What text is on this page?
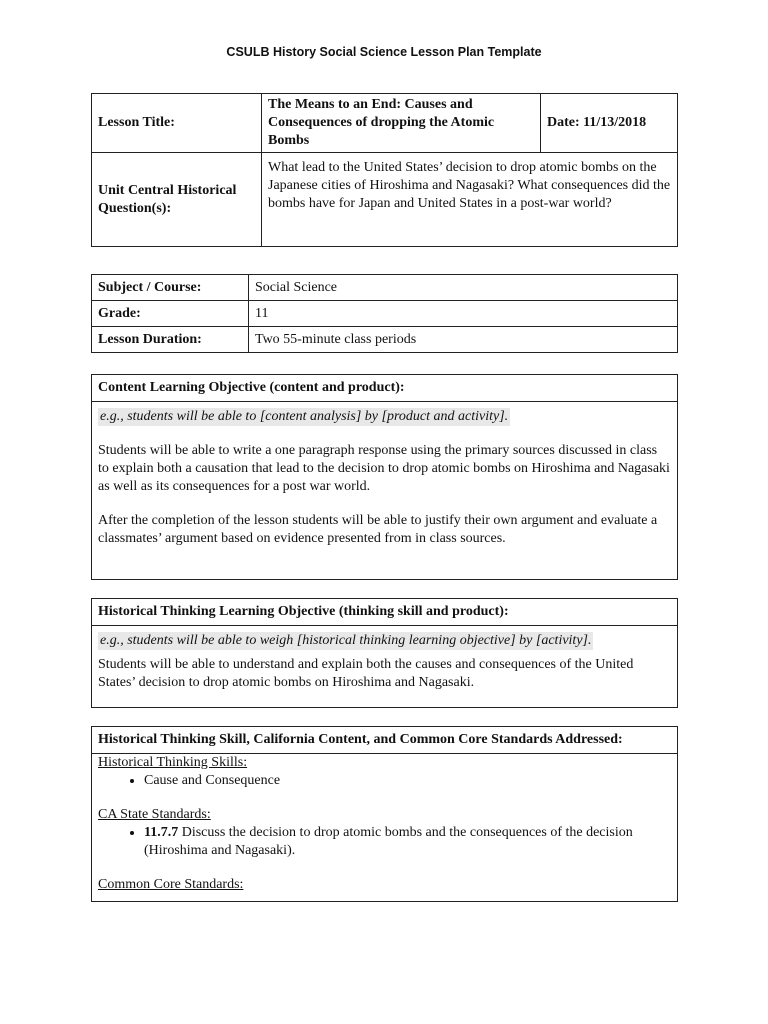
CSULB History Social Science Lesson Plan Template
Lesson Title:	The Means to an End: Causes and Consequences of dropping the Atomic Bombs	Date: 11/13/2018
Unit Central Historical Question(s):	What lead to the United States’ decision to drop atomic bombs on the Japanese cities of Hiroshima and Nagasaki? What consequences did the bombs have for Japan and United States in a post-war world?	
Subject / Course:	Social Science
Grade:	11
Lesson Duration:	Two 55-minute class periods
Content Learning Objective (content and product):
e.g., students will be able to [content analysis] by [product and activity].

Students will be able to write a one paragraph response using the primary sources discussed in class to explain both a causation that lead to the decision to drop atomic bombs on Hiroshima and Nagasaki as well as its consequences for a post war world.

After the completion of the lesson students will be able to justify their own argument and evaluate a classmates’ argument based on evidence presented from in class sources.

Historical Thinking Learning Objective (thinking skill and product):
e.g., students will be able to weigh [historical thinking learning objective] by [activity].

Students will be able to understand and explain both the causes and consequences of the United States’ decision to drop atomic bombs on Hiroshima and Nagasaki.

Historical Thinking Skill, California Content, and Common Core Standards Addressed:

Historical Thinking Skills:

• Cause and Consequence

CA State Standards:

• 11.7.7 Discuss the decision to drop atomic bombs and the consequences of the decision (Hiroshima and Nagasaki).

Common Core Standards:
